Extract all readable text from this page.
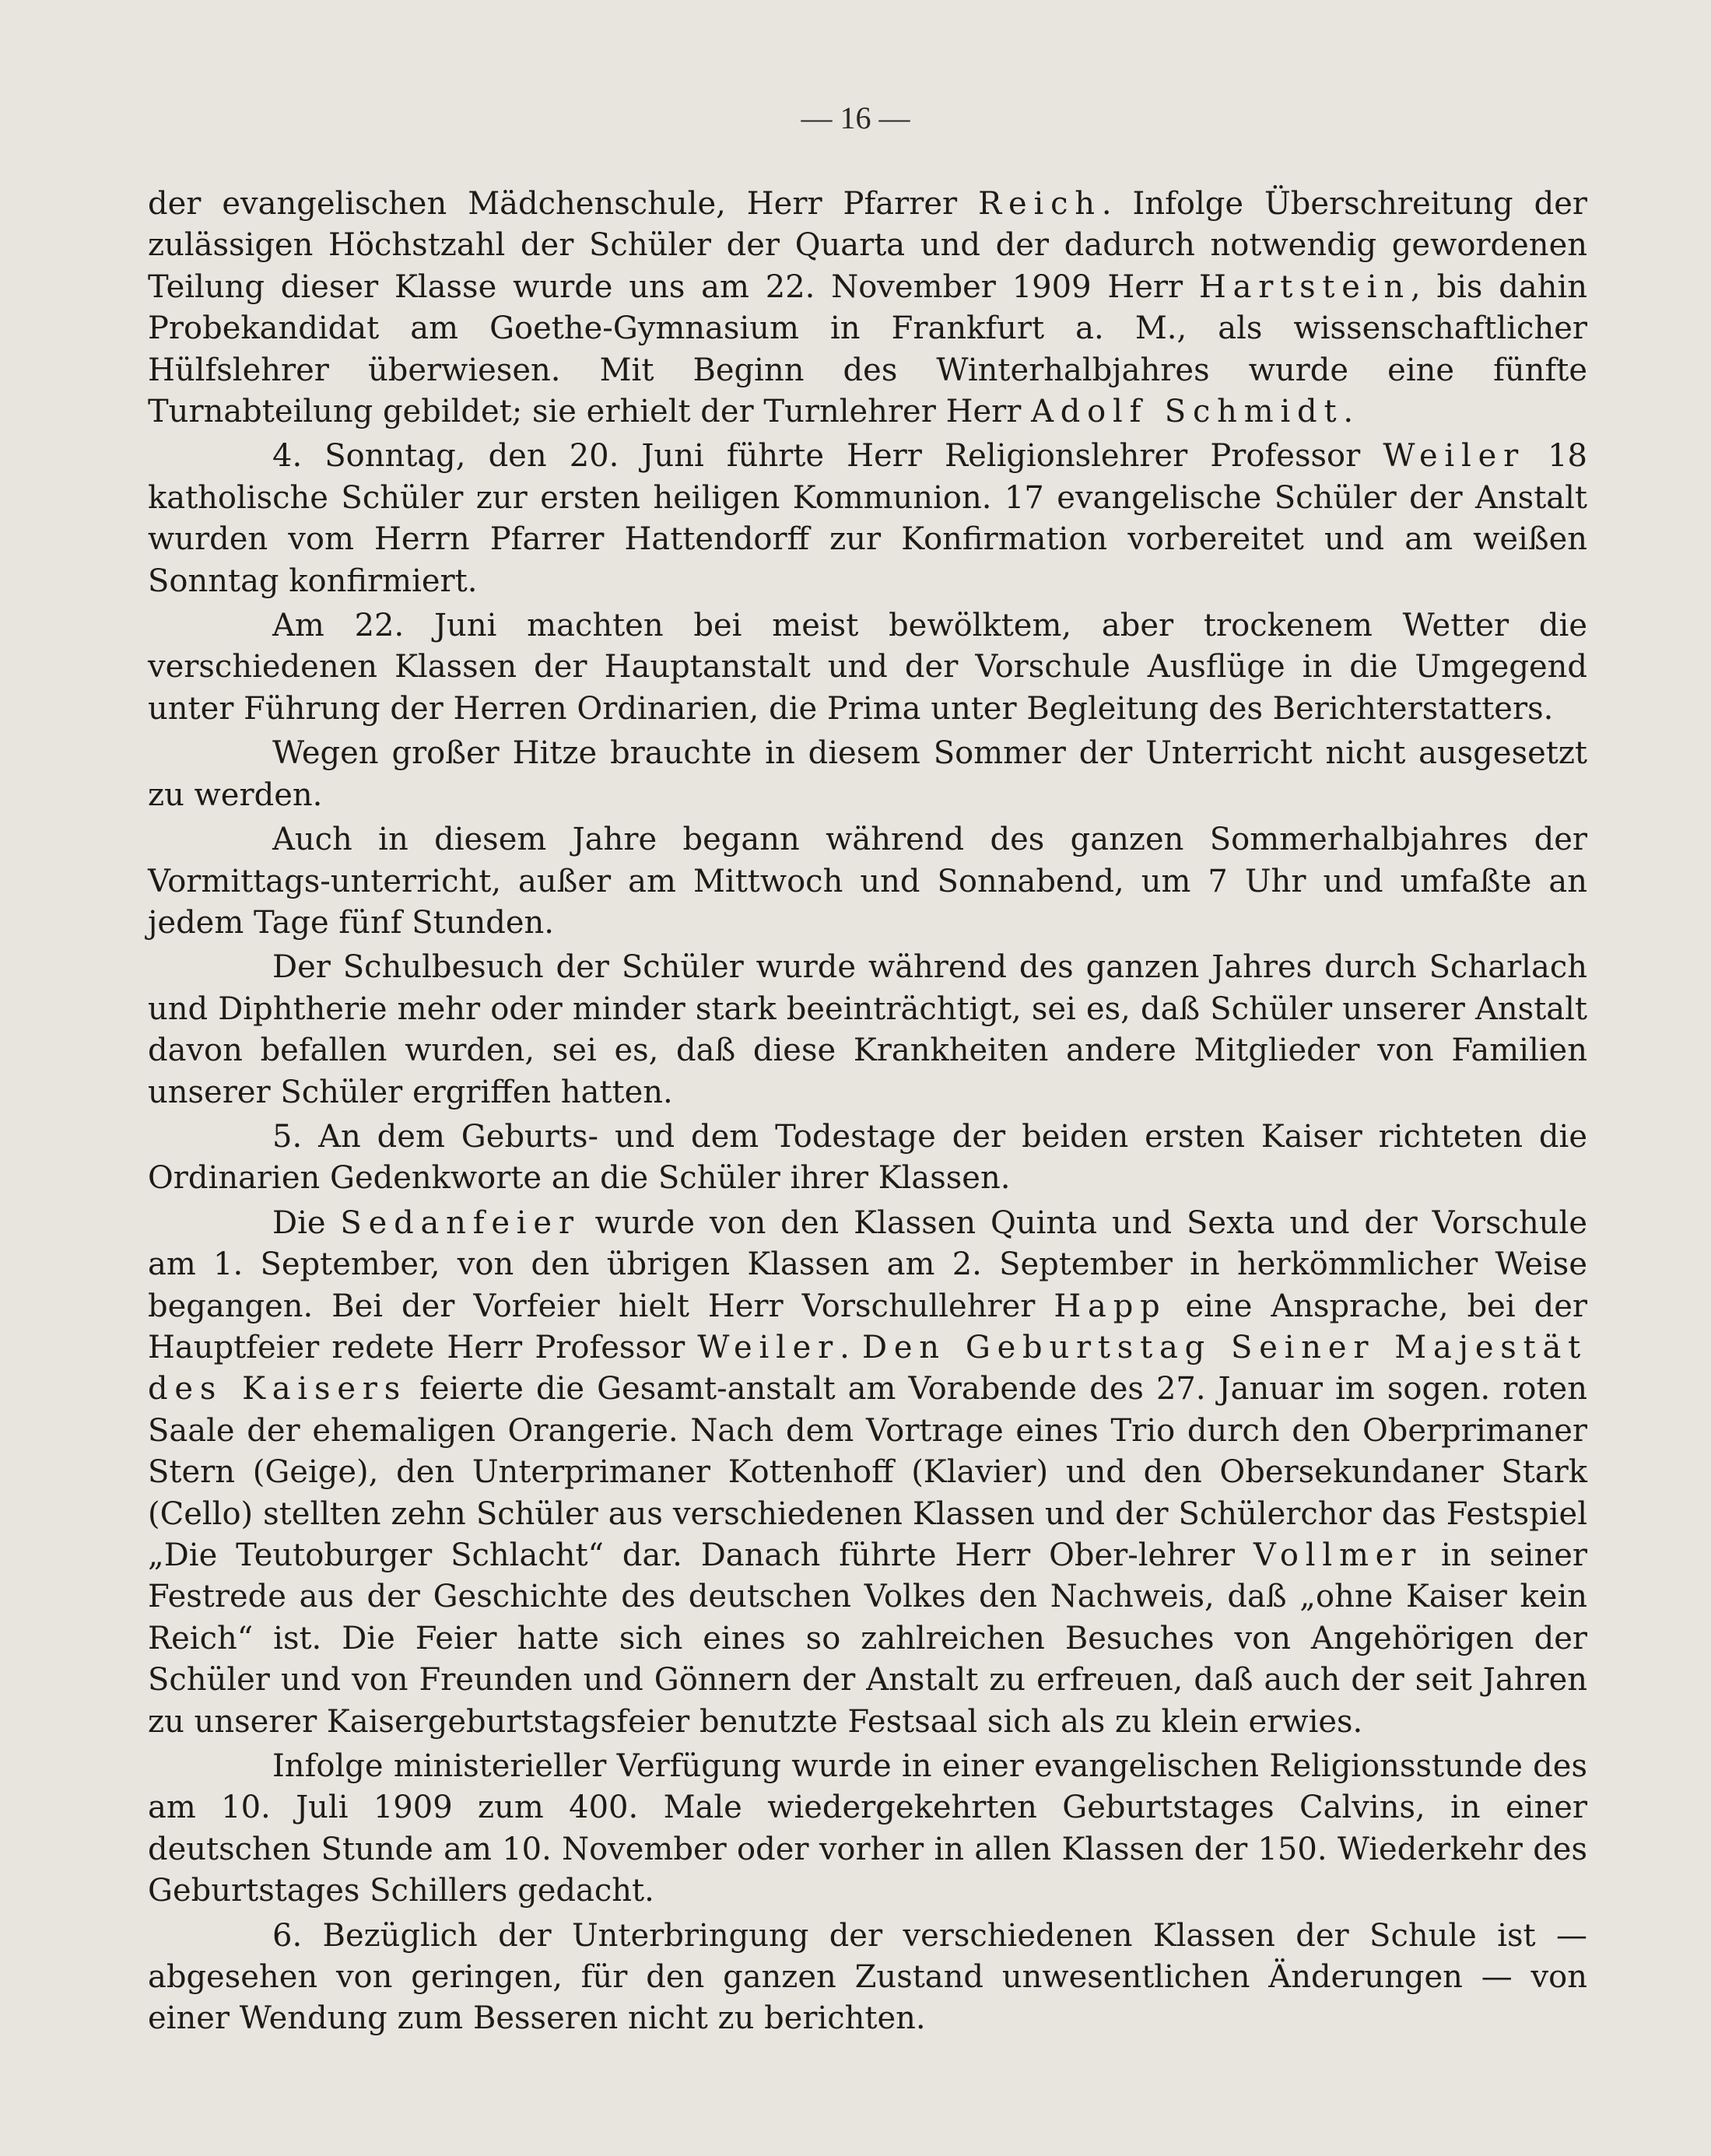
— 16 —

der evangelischen Mädchenschule, Herr Pfarrer Reich. Infolge Überschreitung der zulässigen Höchstzahl der Schüler der Quarta und der dadurch notwendig gewordenen Teilung dieser Klasse wurde uns am 22. November 1909 Herr Hartstein, bis dahin Probekandidat am Goethe-Gymnasium in Frankfurt a. M., als wissenschaftlicher Hülfslehrer überwiesen. Mit Beginn des Winterhalbjahres wurde eine fünfte Turnabteilung gebildet; sie erhielt der Turnlehrer Herr Adolf Schmidt.

4. Sonntag, den 20. Juni führte Herr Religionslehrer Professor Weiler 18 katholische Schüler zur ersten heiligen Kommunion. 17 evangelische Schüler der Anstalt wurden vom Herrn Pfarrer Hattendorff zur Konfirmation vorbereitet und am weißen Sonntag konfirmiert.

Am 22. Juni machten bei meist bewölktem, aber trockenem Wetter die verschiedenen Klassen der Hauptanstalt und der Vorschule Ausflüge in die Umgegend unter Führung der Herren Ordinarien, die Prima unter Begleitung des Berichterstatters.

Wegen großer Hitze brauchte in diesem Sommer der Unterricht nicht ausgesetzt zu werden.

Auch in diesem Jahre begann während des ganzen Sommerhalbjahres der Vormittags-unterricht, außer am Mittwoch und Sonnabend, um 7 Uhr und umfaßte an jedem Tage fünf Stunden.

Der Schulbesuch der Schüler wurde während des ganzen Jahres durch Scharlach und Diphtherie mehr oder minder stark beeinträchtigt, sei es, daß Schüler unserer Anstalt davon befallen wurden, sei es, daß diese Krankheiten andere Mitglieder von Familien unserer Schüler ergriffen hatten.

5. An dem Geburts- und dem Todestage der beiden ersten Kaiser richteten die Ordinarien Gedenkworte an die Schüler ihrer Klassen.

Die Sedanfeier wurde von den Klassen Quinta und Sexta und der Vorschule am 1. September, von den übrigen Klassen am 2. September in herkömmlicher Weise begangen. Bei der Vorfeier hielt Herr Vorschullehrer Happ eine Ansprache, bei der Hauptfeier redete Herr Professor Weiler. Den Geburtstag Seiner Majestät des Kaisers feierte die Gesamt-anstalt am Vorabende des 27. Januar im sogen. roten Saale der ehemaligen Orangerie. Nach dem Vortrage eines Trio durch den Oberprimaner Stern (Geige), den Unterprimaner Kottenhoff (Klavier) und den Obersekundaner Stark (Cello) stellten zehn Schüler aus verschiedenen Klassen und der Schülerchor das Festspiel „Die Teutoburger Schlacht“ dar. Danach führte Herr Ober-lehrer Vollmer in seiner Festrede aus der Geschichte des deutschen Volkes den Nachweis, daß „ohne Kaiser kein Reich“ ist. Die Feier hatte sich eines so zahlreichen Besuches von Angehörigen der Schüler und von Freunden und Gönnern der Anstalt zu erfreuen, daß auch der seit Jahren zu unserer Kaisergeburtstagsfeier benutzte Festsaal sich als zu klein erwies.

Infolge ministerieller Verfügung wurde in einer evangelischen Religionsstunde des am 10. Juli 1909 zum 400. Male wiedergekehrten Geburtstages Calvins, in einer deutschen Stunde am 10. November oder vorher in allen Klassen der 150. Wiederkehr des Geburtstages Schillers gedacht.

6. Bezüglich der Unterbringung der verschiedenen Klassen der Schule ist — abgesehen von geringen, für den ganzen Zustand unwesentlichen Änderungen — von einer Wendung zum Besseren nicht zu berichten.
